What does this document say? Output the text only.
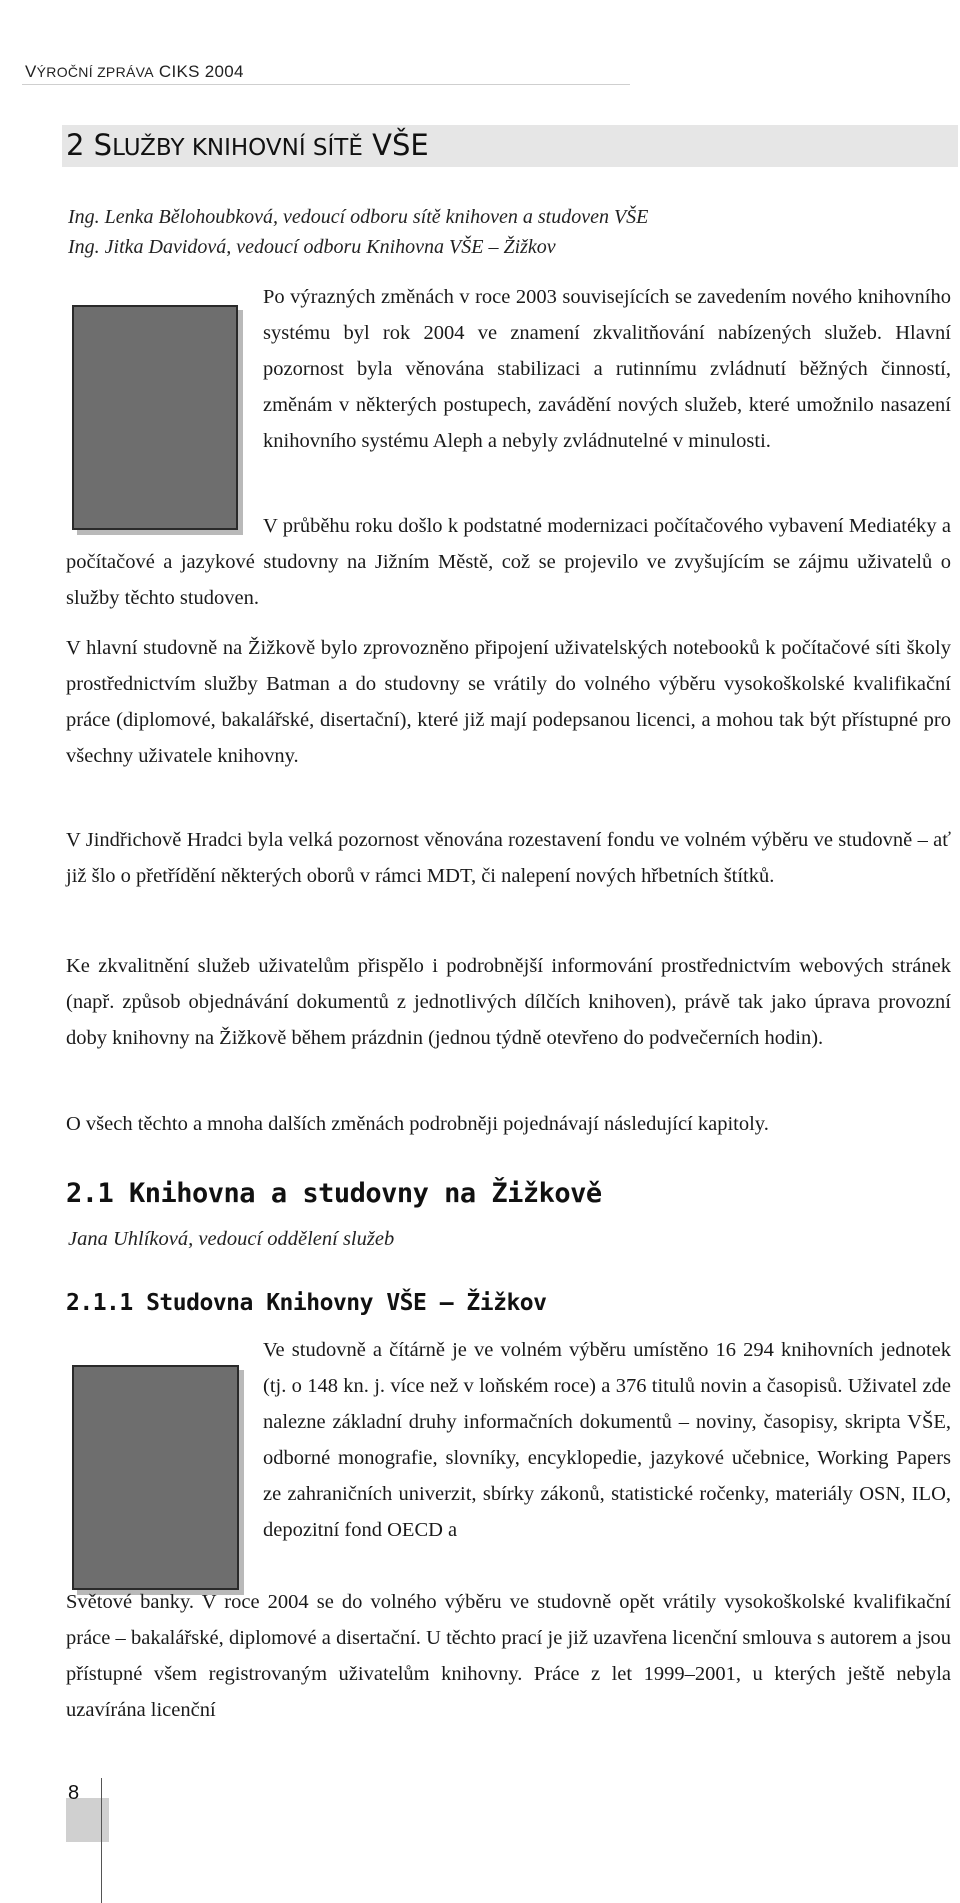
VÝROČNÍ ZPRÁVA CIKS 2004
2 SLUŽBY KNIHOVNÍ SÍTĚ VŠE
Ing. Lenka Bělohoubková, vedoucí odboru sítě knihoven a studoven VŠE
Ing. Jitka Davidová, vedoucí odboru Knihovna VŠE – Žižkov

Po výrazných změnách v roce 2003 souvisejících se zavedením nového knihovního systému byl rok 2004 ve znamení zkvalitňování nabízených služeb. Hlavní pozornost byla věnována stabilizaci a rutinnímu zvládnutí běžných činností, změnám v některých postupech, zavádění nových služeb, které umožnilo nasazení knihovního systému Aleph a nebyly zvládnutelné v minulosti.

V průběhu roku došlo k podstatné modernizaci počítačového vybavení Mediatéky a počítačové a jazykové studovny na Jižním Městě, což se projevilo ve zvyšujícím se zájmu uživatelů o služby těchto studoven.

V hlavní studovně na Žižkově bylo zprovozněno připojení uživatelských notebooků k počítačové síti školy prostřednictvím služby Batman a do studovny se vrátily do volného výběru vysokoškolské kvalifikační práce (diplomové, bakalářské, disertační), které již mají podepsanou licenci, a mohou tak být přístupné pro všechny uživatele knihovny.

V Jindřichově Hradci byla velká pozornost věnována rozestavení fondu ve volném výběru ve studovně – ať již šlo o přetřídění některých oborů v rámci MDT, či nalepení nových hřbetních štítků.

Ke zkvalitnění služeb uživatelům přispělo i podrobnější informování prostřednictvím webových stránek (např. způsob objednávání dokumentů z jednotlivých dílčích knihoven), právě tak jako úprava provozní doby knihovny na Žižkově během prázdnin (jednou týdně otevřeno do podvečerních hodin).

O všech těchto a mnoha dalších změnách podrobněji pojednávají následující kapitoly.

2.1 Knihovna a studovny na Žižkově
Jana Uhlíková, vedoucí oddělení služeb
2.1.1 Studovna Knihovny VŠE – Žižkov

Ve studovně a čítárně je ve volném výběru umístěno 16 294 knihovních jednotek (tj. o 148 kn. j. více než v loňském roce) a 376 titulů novin a časopisů. Uživatel zde nalezne základní druhy informačních dokumentů – noviny, časopisy, skripta VŠE, odborné monografie, slovníky, encyklopedie, jazykové učebnice, Working Papers ze zahraničních univerzit, sbírky zákonů, statistické ročenky, materiály OSN, ILO, depozitní fond OECD a

Světové banky. V roce 2004 se do volného výběru ve studovně opět vrátily vysokoškolské kvalifikační práce – bakalářské, diplomové a disertační. U těchto prací je již uzavřena licenční smlouva s autorem a jsou přístupné všem registrovaným uživatelům knihovny. Práce z let 1999–2001, u kterých ještě nebyla uzavírána licenční

8
